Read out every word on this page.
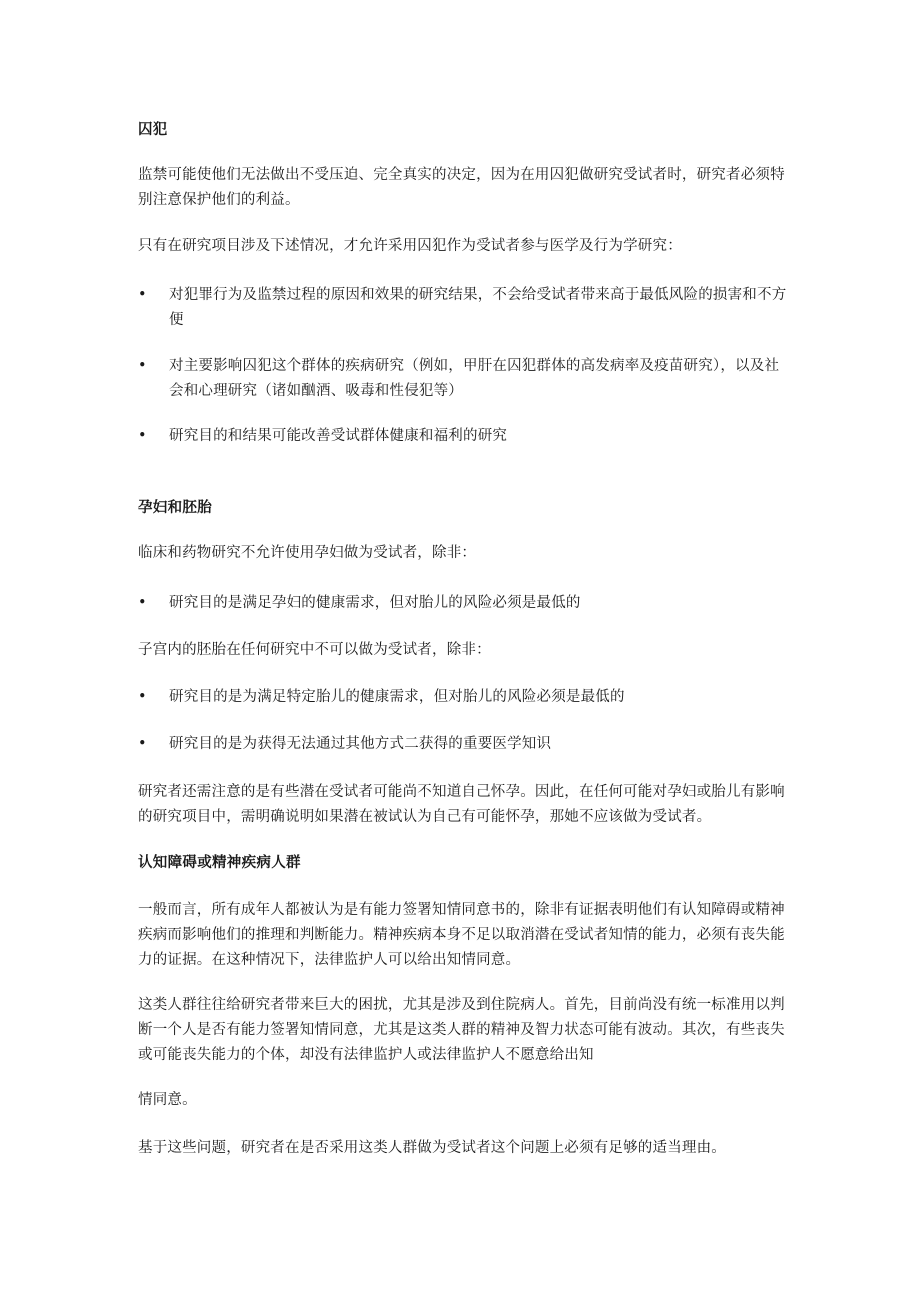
囚犯

监禁可能使他们无法做出不受压迫、完全真实的决定，因为在用囚犯做研究受试者时，研究者必须特别注意保护他们的利益。

只有在研究项目涉及下述情况，才允许采用囚犯作为受试者参与医学及行为学研究：

•	对犯罪行为及监禁过程的原因和效果的研究结果，不会给受试者带来高于最低风险的损害和不方便
•	对主要影响囚犯这个群体的疾病研究（例如，甲肝在囚犯群体的高发病率及疫苗研究），以及社会和心理研究（诸如酗酒、吸毒和性侵犯等）
•	研究目的和结果可能改善受试群体健康和福利的研究
孕妇和胚胎

临床和药物研究不允许使用孕妇做为受试者，除非：

•	研究目的是满足孕妇的健康需求，但对胎儿的风险必须是最低的

子宫内的胚胎在任何研究中不可以做为受试者，除非：

•	研究目的是为满足特定胎儿的健康需求，但对胎儿的风险必须是最低的
•	研究目的是为获得无法通过其他方式二获得的重要医学知识

研究者还需注意的是有些潜在受试者可能尚不知道自己怀孕。因此，在任何可能对孕妇或胎儿有影响的研究项目中，需明确说明如果潜在被试认为自己有可能怀孕，那她不应该做为受试者。

认知障碍或精神疾病人群

一般而言，所有成年人都被认为是有能力签署知情同意书的，除非有证据表明他们有认知障碍或精神疾病而影响他们的推理和判断能力。精神疾病本身不足以取消潜在受试者知情的能力，必须有丧失能力的证据。在这种情况下，法律监护人可以给出知情同意。

这类人群往往给研究者带来巨大的困扰，尤其是涉及到住院病人。首先，目前尚没有统一标准用以判断一个人是否有能力签署知情同意，尤其是这类人群的精神及智力状态可能有波动。其次，有些丧失或可能丧失能力的个体，却没有法律监护人或法律监护人不愿意给出知

情同意。

基于这些问题，研究者在是否采用这类人群做为受试者这个问题上必须有足够的适当理由。
